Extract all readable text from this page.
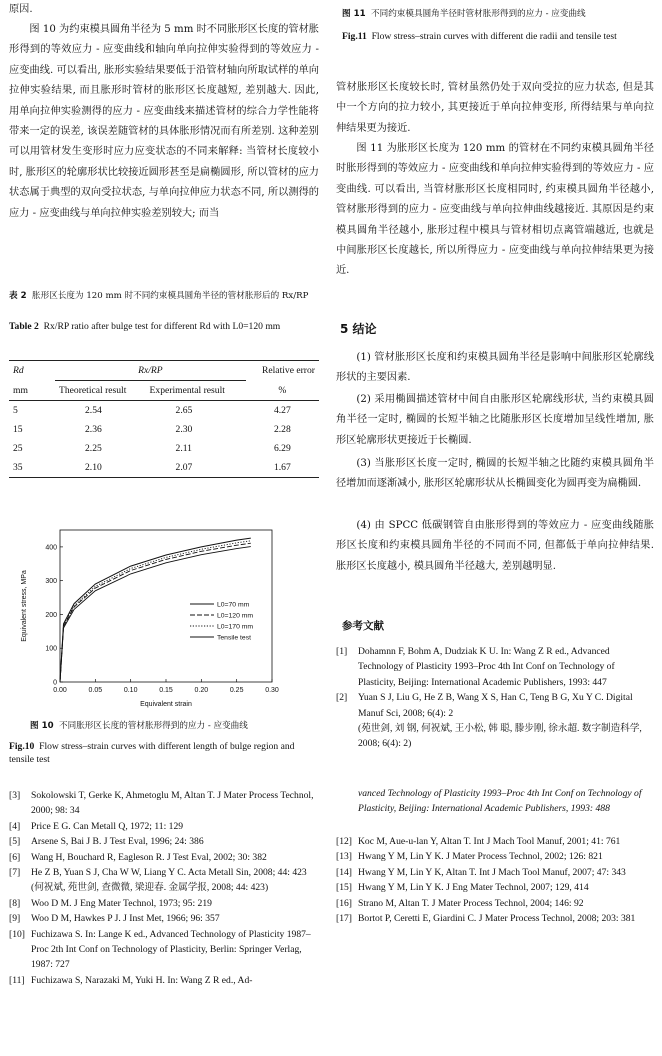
原因.

图 10 为约束模具圆角半径为 5 mm 时不同胀形区长度的管材胀形得到的等效应力 - 应变曲线和轴向单向拉伸实验得到的等效应力 - 应变曲线. 可以看出, 胀形实验结果要低于沿管材轴向所取试样的单向拉伸实验结果, 而且胀形时管材的胀形区长度越短, 差别越大. 因此, 用单向拉伸实验测得的应力 - 应变曲线来描述管材的综合力学性能将带来一定的误差, 该误差随管材的具体胀形情况而有所差别. 这种差别可以用管材发生变形时应力应变状态的不同来解释: 当管材长度较小时, 胀形区的轮廓形状比较接近圆形甚至是扁椭圆形, 所以管材的应力状态属于典型的双向受拉状态, 与单向拉伸应力状态不同, 所以测得的应力 - 应变曲线与单向拉伸实验差别较大; 而当

表 2 胀形区长度为 120 mm 时不同约束模具圆角半径的管材胀形后的 Rx/RP
Table 2 Rx/RP ratio after bulge test for different Rd with L0=120 mm
Rd	Rx/RP		Relative error
mm	Theoretical result	Experimental result	%
5	2.54	2.65	4.27
15	2.36	2.30	2.28
25	2.25	2.11	6.29
35	2.10	2.07	1.67
0.00	0.05	0.10	0.15	0.20	0.25	0.30
0
100
200
300
400
Equivalent strain
Equivalent stress, MPa	L0=70 mm
L0=120 mm
L0=170 mm
Tensile test
图 10 不同胀形区长度的管材胀形得到的应力 - 应变曲线
Fig.10 Flow stress–strain curves with different length of bulge region and tensile test

[3] Sokolowski T, Gerke K, Ahmetoglu M, Altan T. J Mater Process Technol, 2000; 98: 34

[4] Price E G. Can Metall Q, 1972; 11: 129

[5] Arsene S, Bai J B. J Test Eval, 1996; 24: 386

[6] Wang H, Bouchard R, Eagleson R. J Test Eval, 2002; 30: 382

[7] He Z B, Yuan S J, Cha W W, Liang Y C. Acta Metall Sin, 2008; 44: 423

(何祝斌, 苑世剑, 查微微, 梁迎春. 金属学报, 2008; 44: 423)

[8] Woo D M. J Eng Mater Technol, 1973; 95: 219

[9] Woo D M, Hawkes P J. J Inst Met, 1966; 96: 357

[10] Fuchizawa S. In: Lange K ed., Advanced Technology of Plasticity 1987–Proc 2th Int Conf on Technology of Plasticity, Berlin: Springer Verlag, 1987: 727

[11] Fuchizawa S, Narazaki M, Yuki H. In: Wang Z R ed., Ad-

图 11 不同约束模具圆角半径时管材胀形得到的应力 - 应变曲线
Fig.11 Flow stress–strain curves with different die radii and tensile test

管材胀形区长度较长时, 管材虽然仍处于双向受拉的应力状态, 但是其中一个方向的拉力较小, 其更接近于单向拉伸变形, 所得结果与单向拉伸结果更为接近.

图 11 为胀形区长度为 120 mm 的管材在不同约束模具圆角半径时胀形得到的等效应力 - 应变曲线和单向拉伸实验得到的等效应力 - 应变曲线. 可以看出, 当管材胀形区长度相同时, 约束模具圆角半径越小, 管材胀形得到的应力 - 应变曲线与单向拉伸曲线越接近. 其原因是约束模具圆角半径越小, 胀形过程中模具与管材相切点离管端越近, 也就是中间胀形区长度越长, 所以所得应力 - 应变曲线与单向拉伸结果更为接近.

5 结论

(1) 管材胀形区长度和约束模具圆角半径是影响中间胀形区轮廓线形状的主要因素.

(2) 采用椭圆描述管材中间自由胀形区轮廓线形状, 当约束模具圆角半径一定时, 椭圆的长短半轴之比随胀形区长度增加呈线性增加, 胀形区轮廓形状更接近于长椭圆.

(3) 当胀形区长度一定时, 椭圆的长短半轴之比随约束模具圆角半径增加而逐渐减小, 胀形区轮廓形状从长椭圆变化为圆再变为扁椭圆.

(4) 由 SPCC 低碳钢管自由胀形得到的等效应力 - 应变曲线随胀形区长度和约束模具圆角半径的不同而不同, 但都低于单向拉伸结果. 胀形区长度越小, 模具圆角半径越大, 差别越明显.

参考文献

[1] Dohamnn F, Bohm A, Dudziak K U. In: Wang Z R ed., Advanced Technology of Plasticity 1993–Proc 4th Int Conf on Technology of Plasticity, Beijing: International Academic Publishers, 1993: 447

[2] Yuan S J, Liu G, He Z B, Wang X S, Han C, Teng B G, Xu Y C. Digital Manuf Sci, 2008; 6(4): 2

(苑世剑, 刘 钢, 何祝斌, 王小松, 韩 聪, 滕步刚, 徐永超. 数字制造科学, 2008; 6(4): 2)

vanced Technology of Plasticity 1993–Proc 4th Int Conf on Technology of Plasticity, Beijing: International Academic Publishers, 1993: 488

[12] Koc M, Aue-u-lan Y, Altan T. Int J Mach Tool Manuf, 2001; 41: 761

[13] Hwang Y M, Lin Y K. J Mater Process Technol, 2002; 126: 821

[14] Hwang Y M, Lin Y K, Altan T. Int J Mach Tool Manuf, 2007; 47: 343

[15] Hwang Y M, Lin Y K. J Eng Mater Technol, 2007; 129, 414

[16] Strano M, Altan T. J Mater Process Technol, 2004; 146: 92

[17] Bortot P, Ceretti E, Giardini C. J Mater Process Technol, 2008; 203: 381
